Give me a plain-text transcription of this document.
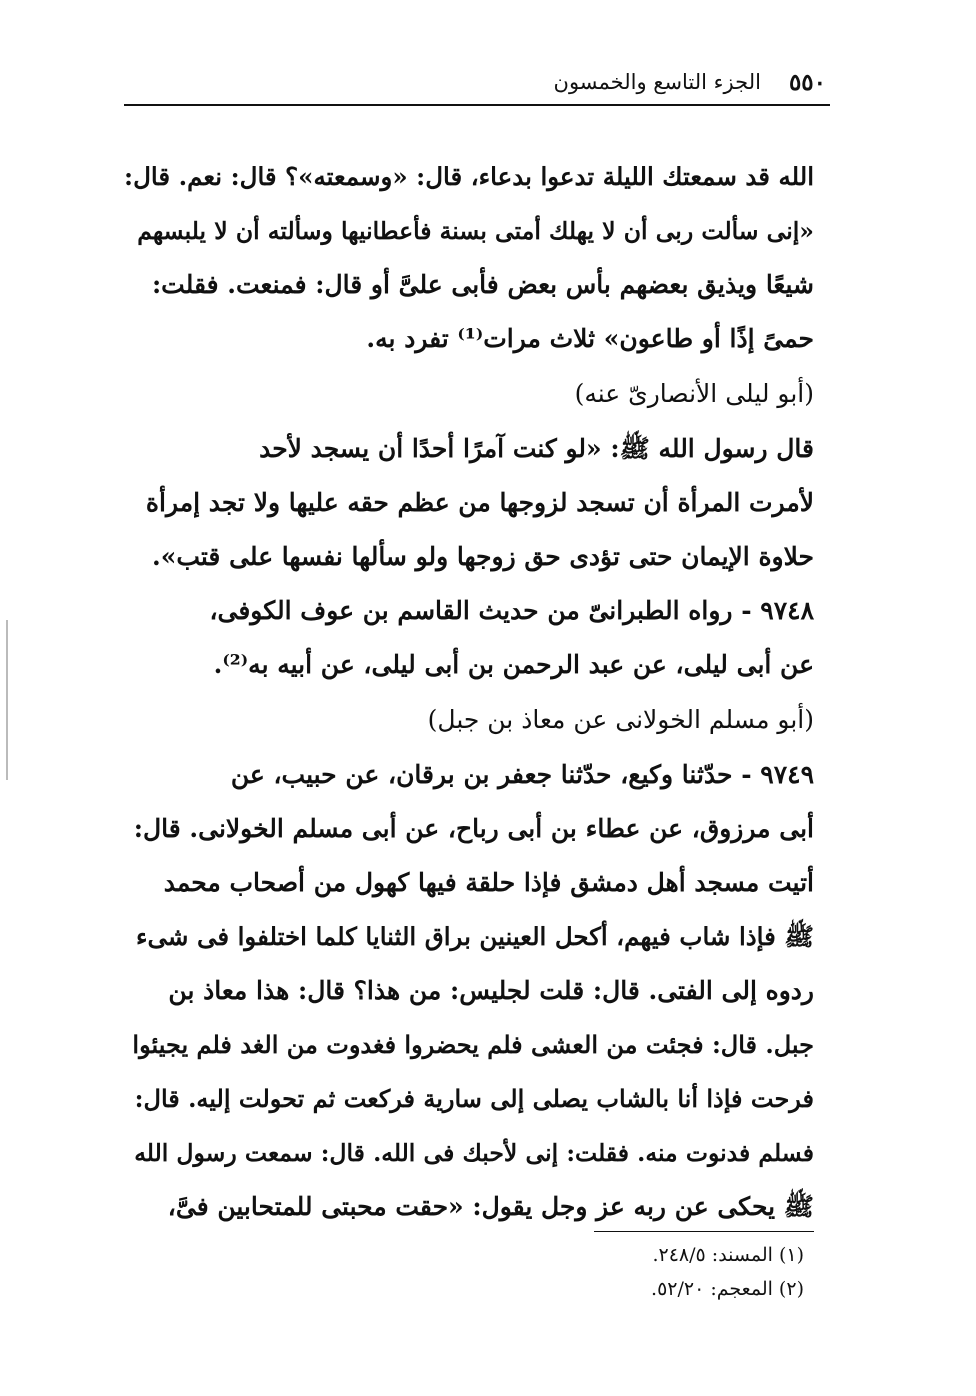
٥٥٠
الجزء التاسع والخمسون
الله قد سمعتك الليلة تدعوا بدعاء، قال: «وسمعته»؟ قال: نعم. قال:
«إنى سألت ربى أن لا يهلك أمتى بسنة فأعطانيها وسألته أن لا يلبسهم
شيعًا ويذيق بعضهم بأس بعض فأبى علىَّ أو قال: فمنعت. فقلت:
حمىً إذًا أو طاعون» ثلاث مرات⁽¹⁾ تفرد به.
(أبو ليلى الأنصارىّ عنه)
قال رسول الله ﷺ: «لو كنت آمرًا أحدًا أن يسجد لأحد
لأمرت المرأة أن تسجد لزوجها من عظم حقه عليها ولا تجد إمرأة
حلاوة الإيمان حتى تؤدى حق زوجها ولو سألها نفسها على قتب».
٩٧٤٨ - رواه الطبرانىّ من حديث القاسم بن عوف الكوفى،
عن أبى ليلى، عن عبد الرحمن بن أبى ليلى، عن أبيه به⁽²⁾.
(أبو مسلم الخولانى عن معاذ بن جبل)
٩٧٤٩ - حدّثنا وكيع، حدّثنا جعفر بن برقان، عن حبيب، عن
أبى مرزوق، عن عطاء بن أبى رباح، عن أبى مسلم الخولانى. قال:
أتيت مسجد أهل دمشق فإذا حلقة فيها كهول من أصحاب محمد
ﷺ فإذا شاب فيهم، أكحل العينين براق الثنايا كلما اختلفوا فى شىء
ردوه إلى الفتى. قال: قلت لجليس: من هذا؟ قال: هذا معاذ بن
جبل. قال: فجئت من العشى فلم يحضروا فغدوت من الغد فلم يجيئوا
فرحت فإذا أنا بالشاب يصلى إلى سارية فركعت ثم تحولت إليه. قال:
فسلم فدنوت منه. فقلت: إنى لأحبك فى الله. قال: سمعت رسول الله
ﷺ يحكى عن ربه عز وجل يقول: «حقت محبتى للمتحابين فىَّ،
(١) المسند: ٢٤٨/٥.
(٢) المعجم: ٥٢/٢٠.
